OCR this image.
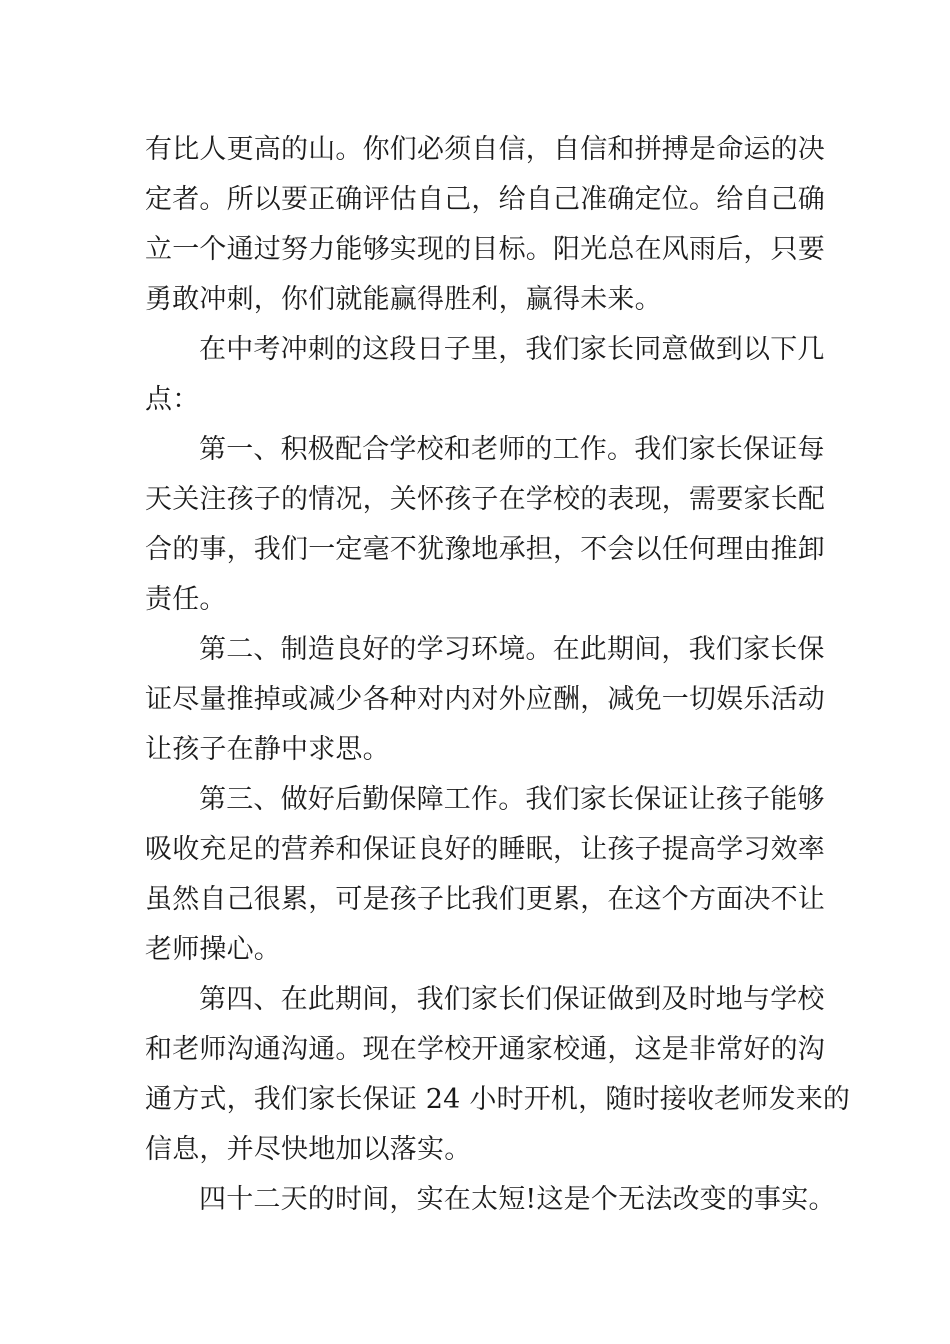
有比人更高的山。你们必须自信，自信和拼搏是命运的决
定者。所以要正确评估自己，给自己准确定位。给自己确
立一个通过努力能够实现的目标。阳光总在风雨后，只要
勇敢冲刺，你们就能赢得胜利，赢得未来。

在中考冲刺的这段日子里，我们家长同意做到以下几
点：

第一、积极配合学校和老师的工作。我们家长保证每
天关注孩子的情况，关怀孩子在学校的表现，需要家长配
合的事，我们一定毫不犹豫地承担，不会以任何理由推卸
责任。

第二、制造良好的学习环境。在此期间，我们家长保
证尽量推掉或减少各种对内对外应酬，减免一切娱乐活动
让孩子在静中求思。

第三、做好后勤保障工作。我们家长保证让孩子能够
吸收充足的营养和保证良好的睡眠，让孩子提高学习效率
虽然自己很累，可是孩子比我们更累，在这个方面决不让
老师操心。

第四、在此期间，我们家长们保证做到及时地与学校
和老师沟通沟通。现在学校开通家校通，这是非常好的沟
通方式，我们家长保证 24 小时开机，随时接收老师发来的
信息，并尽快地加以落实。

四十二天的时间，实在太短!这是个无法改变的事实。
